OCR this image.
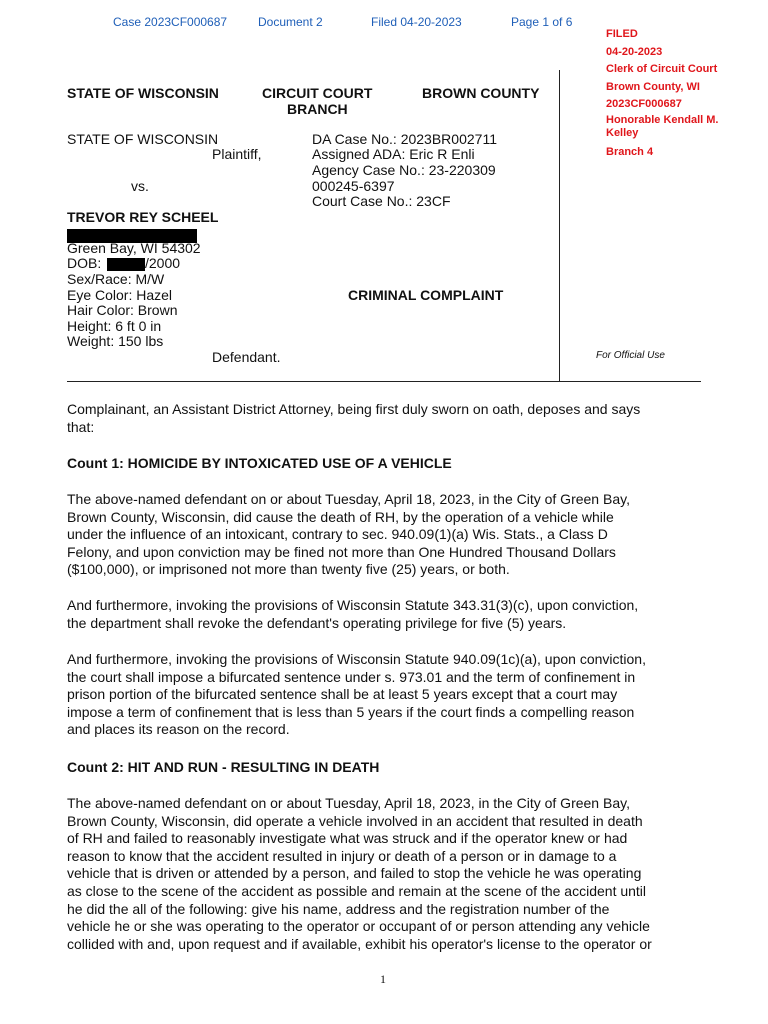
Case 2023CF000687	Document 2	Filed 04-20-2023	Page 1 of 6
FILED
04-20-2023
Clerk of Circuit Court
Brown County, WI
2023CF000687
Honorable Kendall M.
Kelley
Branch 4
STATE OF WISCONSIN	CIRCUIT COURT
BRANCH
BROWN COUNTY
STATE OF WISCONSIN
Plaintiff,
vs.
TREVOR REY SCHEEL
Green Bay, WI 54302
DOB:	/2000
Sex/Race: M/W
Eye Color: Hazel
Hair Color: Brown
Height: 6 ft 0 in
Weight: 150 lbs
Defendant.
DA Case No.: 2023BR002711
Assigned ADA: Eric R Enli
Agency Case No.: 23-220309
000245-6397
Court Case No.: 23CF
CRIMINAL COMPLAINT
For Official Use
Complainant, an Assistant District Attorney, being first duly sworn on oath, deposes and says
that:
Count 1: HOMICIDE BY INTOXICATED USE OF A VEHICLE
The above-named defendant on or about Tuesday, April 18, 2023, in the City of Green Bay,
Brown County, Wisconsin, did cause the death of RH, by the operation of a vehicle while
under the influence of an intoxicant, contrary to sec. 940.09(1)(a) Wis. Stats., a Class D
Felony, and upon conviction may be fined not more than One Hundred Thousand Dollars
($100,000), or imprisoned not more than twenty five (25) years, or both.
And furthermore, invoking the provisions of Wisconsin Statute 343.31(3)(c), upon conviction,
the department shall revoke the defendant's operating privilege for five (5) years.
And furthermore, invoking the provisions of Wisconsin Statute 940.09(1c)(a), upon conviction,
the court shall impose a bifurcated sentence under s. 973.01 and the term of confinement in
prison portion of the bifurcated sentence shall be at least 5 years except that a court may
impose a term of confinement that is less than 5 years if the court finds a compelling reason
and places its reason on the record.
Count 2: HIT AND RUN - RESULTING IN DEATH
The above-named defendant on or about Tuesday, April 18, 2023, in the City of Green Bay,
Brown County, Wisconsin, did operate a vehicle involved in an accident that resulted in death
of RH and failed to reasonably investigate what was struck and if the operator knew or had
reason to know that the accident resulted in injury or death of a person or in damage to a
vehicle that is driven or attended by a person, and failed to stop the vehicle he was operating
as close to the scene of the accident as possible and remain at the scene of the accident until
he did the all of the following: give his name, address and the registration number of the
vehicle he or she was operating to the operator or occupant of or person attending any vehicle
collided with and, upon request and if available, exhibit his operator's license to the operator or
1
